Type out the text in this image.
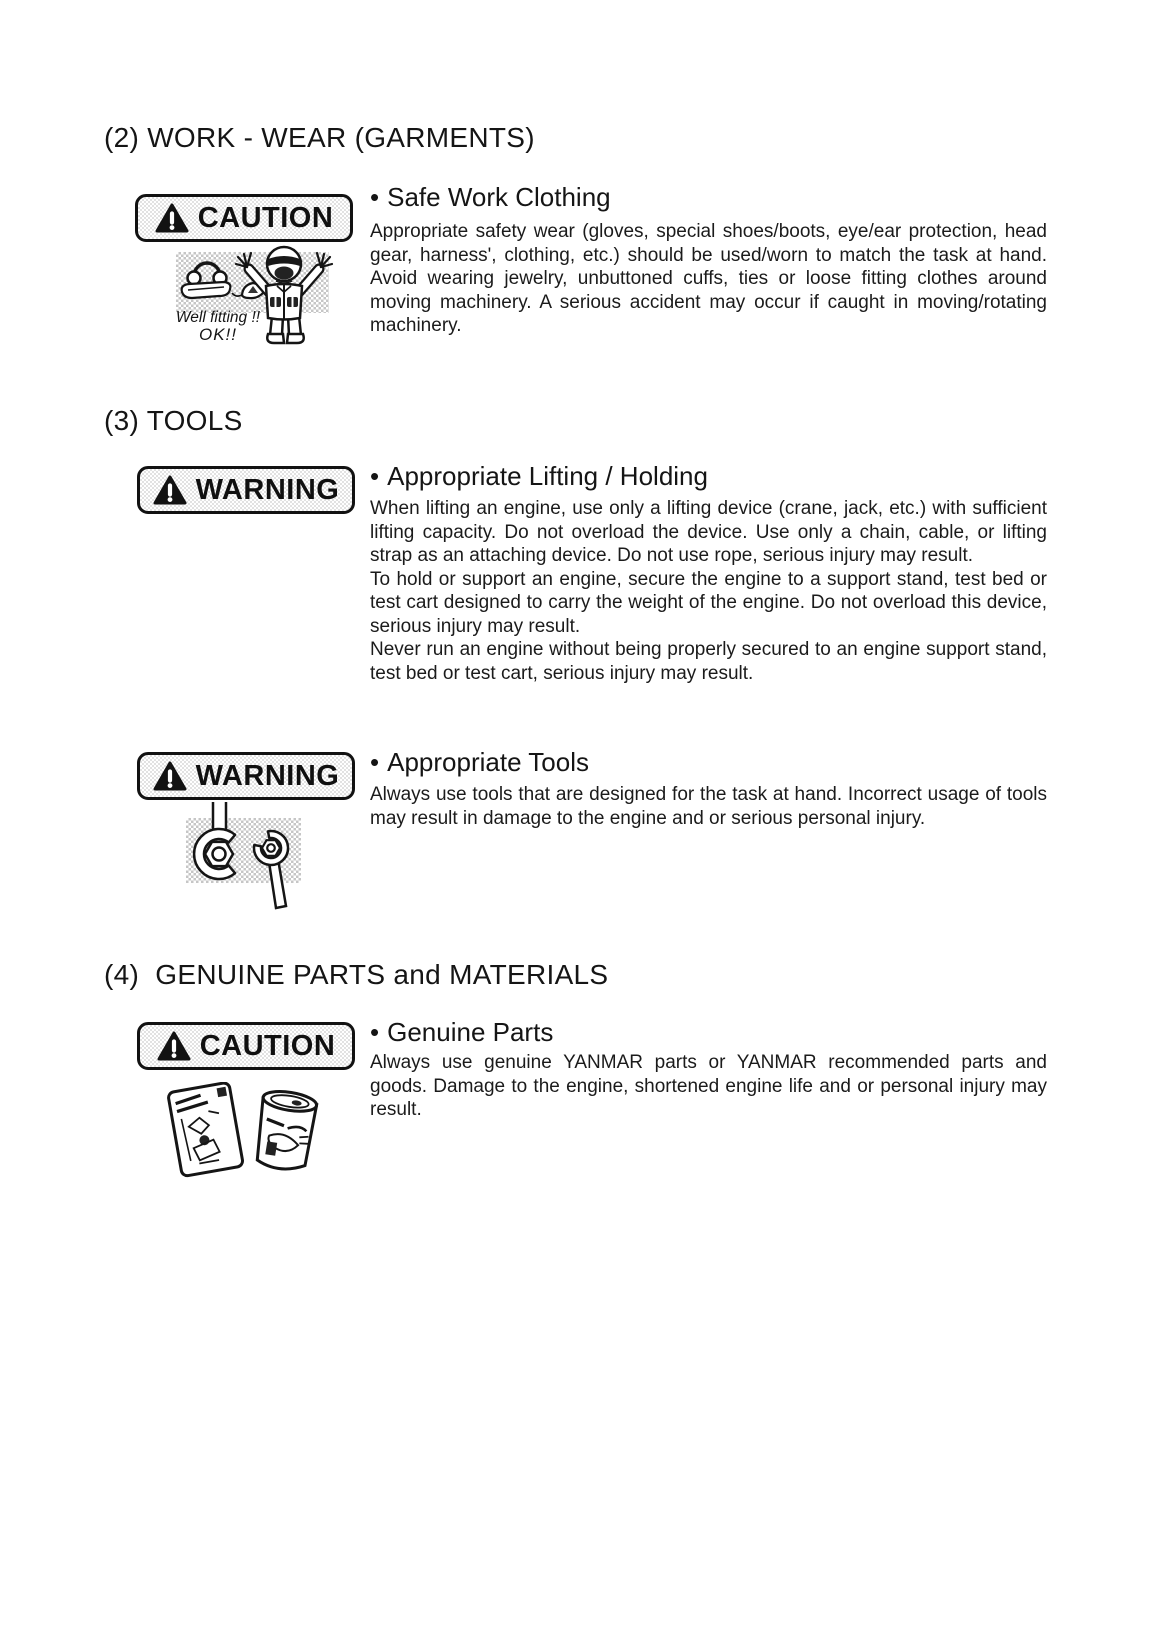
(2) WORK - WEAR (GARMENTS)
CAUTION
Well fitting !!
OK!!
• Safe Work Clothing

Appropriate safety wear (gloves, special shoes/boots, eye/ear protection, head gear, harness', clothing, etc.) should be used/worn to match the task at hand. Avoid wearing jewelry, unbuttoned cuffs, ties or loose fitting clothes around moving machinery. A serious accident may occur if caught in moving/rotating machinery.

(3) TOOLS
WARNING • Appropriate Lifting / Holding

When lifting an engine, use only a lifting device (crane, jack, etc.) with sufficient lifting capacity. Do not overload the device. Use only a chain, cable, or lifting strap as an attaching device. Do not use rope, serious injury may result.

To hold or support an engine, secure the engine to a support stand, test bed or test cart designed to carry the weight of the engine. Do not overload this device, serious injury may result.

Never run an engine without being properly secured to an engine support stand, test bed or test cart, serious injury may result.

WARNING • Appropriate Tools

Always use tools that are designed for the task at hand. Incorrect usage of tools may result in damage to the engine and or serious personal injury.

(4)  GENUINE PARTS and MATERIALS
CAUTION • Genuine Parts

Always use genuine YANMAR parts or YANMAR recommended parts and goods. Damage to the engine, shortened engine life and or personal injury may result.
